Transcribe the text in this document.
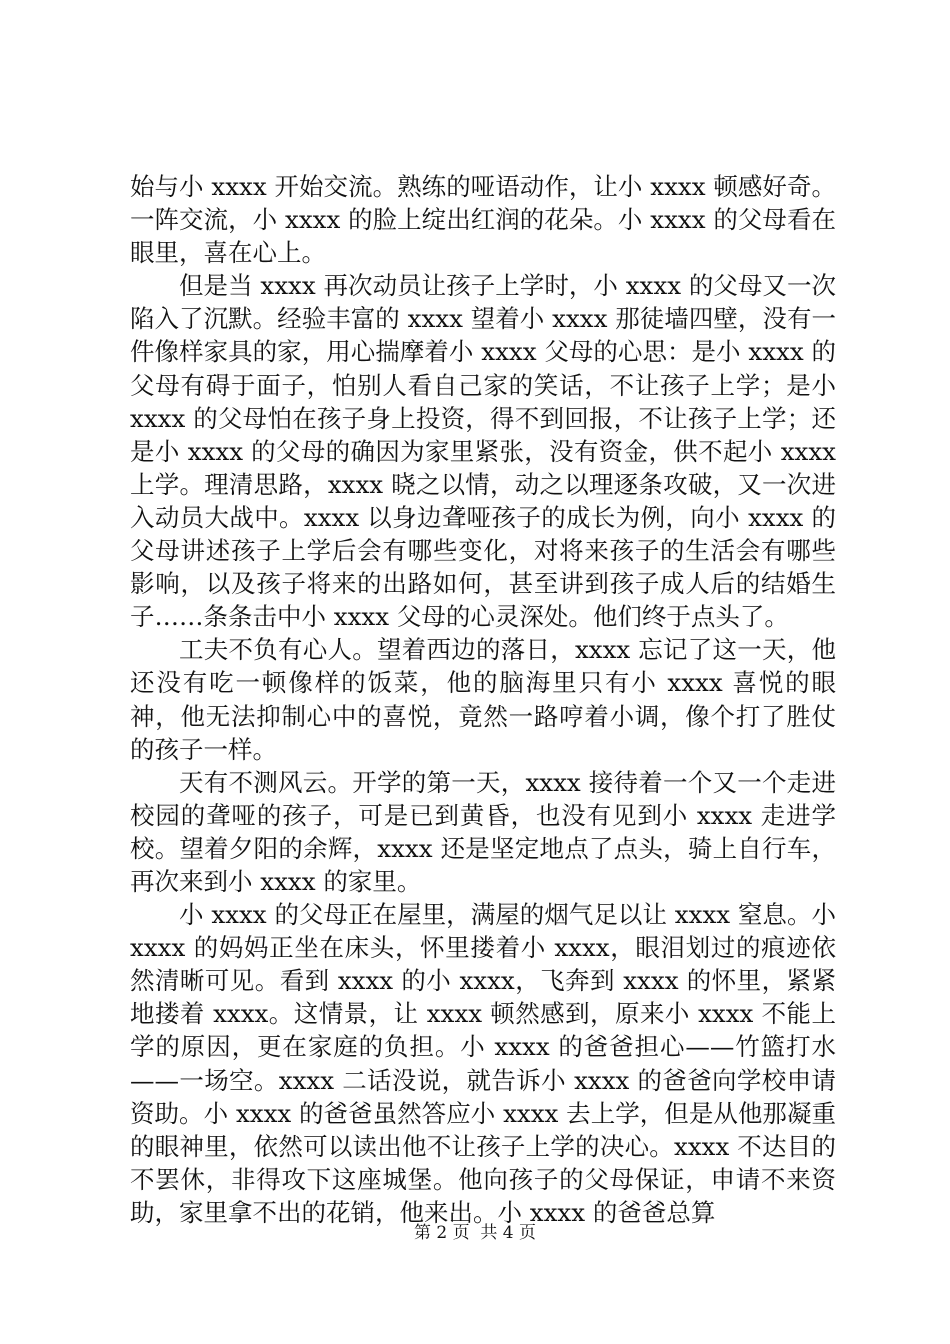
始与小 xxxx 开始交流。熟练的哑语动作，让小 xxxx 顿感好奇。一阵交流，小 xxxx 的脸上绽出红润的花朵。小 xxxx 的父母看在眼里，喜在心上。

但是当 xxxx 再次动员让孩子上学时，小 xxxx 的父母又一次陷入了沉默。经验丰富的 xxxx 望着小 xxxx 那徒墙四壁，没有一件像样家具的家，用心揣摩着小 xxxx 父母的心思：是小 xxxx 的父母有碍于面子，怕别人看自己家的笑话，不让孩子上学；是小 xxxx 的父母怕在孩子身上投资，得不到回报，不让孩子上学；还是小 xxxx 的父母的确因为家里紧张，没有资金，供不起小 xxxx 上学。理清思路，xxxx 晓之以情，动之以理逐条攻破，又一次进入动员大战中。xxxx 以身边聋哑孩子的成长为例，向小 xxxx 的父母讲述孩子上学后会有哪些变化，对将来孩子的生活会有哪些影响，以及孩子将来的出路如何，甚至讲到孩子成人后的结婚生子……条条击中小 xxxx 父母的心灵深处。他们终于点头了。

工夫不负有心人。望着西边的落日，xxxx 忘记了这一天，他还没有吃一顿像样的饭菜，他的脑海里只有小 xxxx 喜悦的眼神，他无法抑制心中的喜悦，竟然一路哼着小调，像个打了胜仗的孩子一样。

天有不测风云。开学的第一天，xxxx 接待着一个又一个走进校园的聋哑的孩子，可是已到黄昏，也没有见到小 xxxx 走进学校。望着夕阳的余辉，xxxx 还是坚定地点了点头，骑上自行车，再次来到小 xxxx 的家里。

小 xxxx 的父母正在屋里，满屋的烟气足以让 xxxx 窒息。小 xxxx 的妈妈正坐在床头，怀里搂着小 xxxx，眼泪划过的痕迹依然清晰可见。看到 xxxx 的小 xxxx，飞奔到 xxxx 的怀里，紧紧地搂着 xxxx。这情景，让 xxxx 顿然感到，原来小 xxxx 不能上学的原因，更在家庭的负担。小 xxxx 的爸爸担心——竹篮打水——一场空。xxxx 二话没说，就告诉小 xxxx 的爸爸向学校申请资助。小 xxxx 的爸爸虽然答应小 xxxx 去上学，但是从他那凝重的眼神里，依然可以读出他不让孩子上学的决心。xxxx 不达目的不罢休，非得攻下这座城堡。他向孩子的父母保证，申请不来资助，家里拿不出的花销，他来出。小 xxxx 的爸爸总算

第 2 页  共 4 页
